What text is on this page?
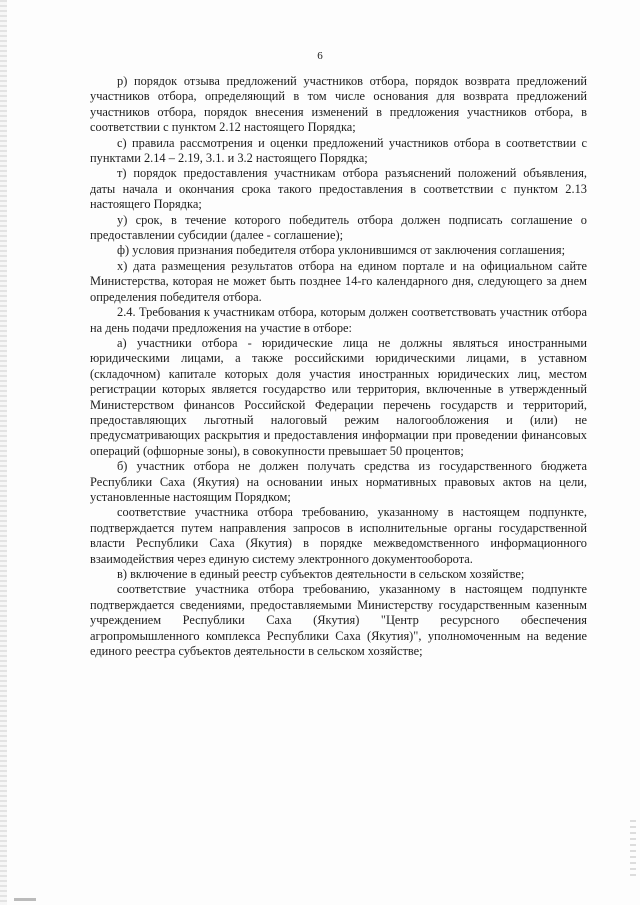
6

р) порядок отзыва предложений участников отбора, порядок возврата предложений участников отбора, определяющий в том числе основания для возврата предложений участников отбора, порядок внесения изменений в предложения участников отбора, в соответствии с пунктом 2.12 настоящего Порядка;

с) правила рассмотрения и оценки предложений участников отбора в соответствии с пунктами 2.14 – 2.19, 3.1. и 3.2 настоящего Порядка;

т) порядок предоставления участникам отбора разъяснений положений объявления, даты начала и окончания срока такого предоставления в соответствии с пунктом 2.13 настоящего Порядка;

у) срок, в течение которого победитель отбора должен подписать соглашение о предоставлении субсидии (далее - соглашение);

ф) условия признания победителя отбора уклонившимся от заключения соглашения;

х) дата размещения результатов отбора на едином портале и на официальном сайте Министерства, которая не может быть позднее 14-го календарного дня, следующего за днем определения победителя отбора.

2.4. Требования к участникам отбора, которым должен соответствовать участник отбора на день подачи предложения на участие в отборе:

а) участники отбора - юридические лица не должны являться иностранными юридическими лицами, а также российскими юридическими лицами, в уставном (складочном) капитале которых доля участия иностранных юридических лиц, местом регистрации которых является государство или территория, включенные в утвержденный Министерством финансов Российской Федерации перечень государств и территорий, предоставляющих льготный налоговый режим налогообложения и (или) не предусматривающих раскрытия и предоставления информации при проведении финансовых операций (офшорные зоны), в совокупности превышает 50 процентов;

б) участник отбора не должен получать средства из государственного бюджета Республики Саха (Якутия) на основании иных нормативных правовых актов на цели, установленные настоящим Порядком;

соответствие участника отбора требованию, указанному в настоящем подпункте, подтверждается путем направления запросов в исполнительные органы государственной власти Республики Саха (Якутия) в порядке межведомственного информационного взаимодействия через единую систему электронного документооборота.

в) включение в единый реестр субъектов деятельности в сельском хозяйстве;

соответствие участника отбора требованию, указанному в настоящем подпункте подтверждается сведениями, предоставляемыми Министерству государственным казенным учреждением Республики Саха (Якутия) "Центр ресурсного обеспечения агропромышленного комплекса Республики Саха (Якутия)", уполномоченным на ведение единого реестра субъектов деятельности в сельском хозяйстве;
